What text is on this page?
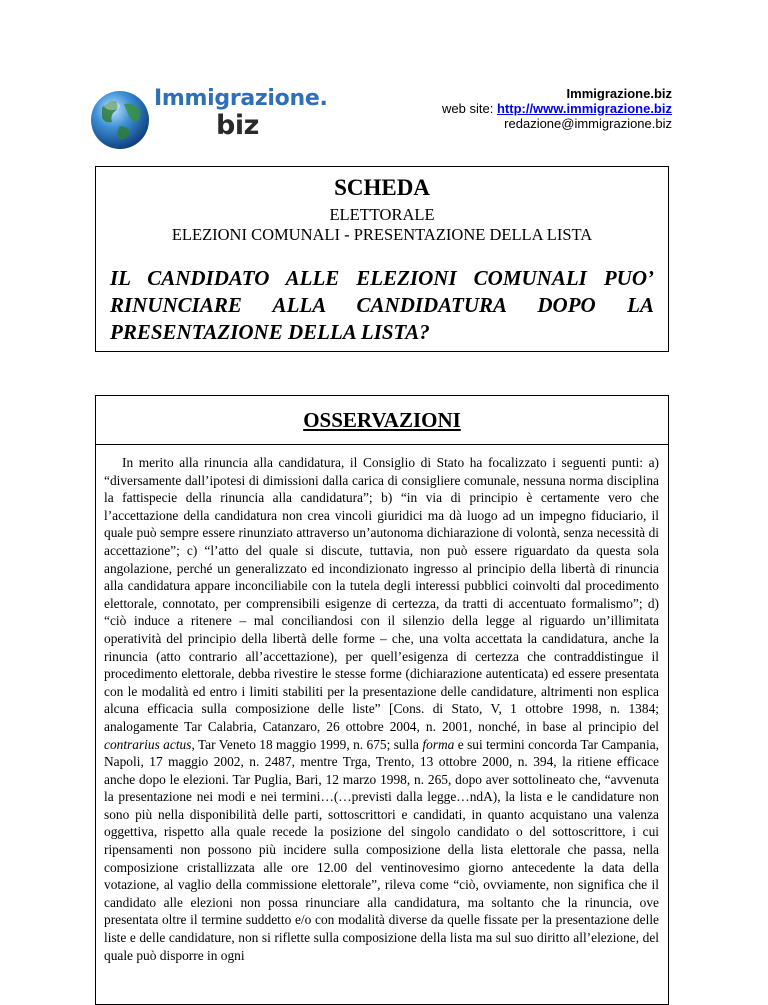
Immigrazione.
biz
Immigrazione.biz
web site: http://www.immigrazione.biz
redazione@immigrazione.biz
SCHEDA
ELETTORALE
ELEZIONI COMUNALI - PRESENTAZIONE DELLA LISTA
IL CANDIDATO ALLE ELEZIONI COMUNALI PUO’ RINUNCIARE ALLA CANDIDATURA DOPO LA PRESENTAZIONE DELLA LISTA?
OSSERVAZIONI

In merito alla rinuncia alla candidatura, il Consiglio di Stato ha focalizzato i seguenti punti: a) “diversamente dall’ipotesi di dimissioni dalla carica di consigliere comunale, nessuna norma disciplina la fattispecie della rinuncia alla candidatura”; b) “in via di principio è certamente vero che l’accettazione della candidatura non crea vincoli giuridici ma dà luogo ad un impegno fiduciario, il quale può sempre essere rinunziato attraverso un’autonoma dichiarazione di volontà, senza necessità di accettazione”; c) “l’atto del quale si discute, tuttavia, non può essere riguardato da questa sola angolazione, perché un generalizzato ed incondizionato ingresso al principio della libertà di rinuncia alla candidatura appare inconciliabile con la tutela degli interessi pubblici coinvolti dal procedimento elettorale, connotato, per comprensibili esigenze di certezza, da tratti di accentuato formalismo”; d) “ciò induce a ritenere – mal conciliandosi con il silenzio della legge al riguardo un’illimitata operatività del principio della libertà delle forme – che, una volta accettata la candidatura, anche la rinuncia (atto contrario all’accettazione), per quell’esigenza di certezza che contraddistingue il procedimento elettorale, debba rivestire le stesse forme (dichiarazione autenticata) ed essere presentata con le modalità ed entro i limiti stabiliti per la presentazione delle candidature, altrimenti non esplica alcuna efficacia sulla composizione delle liste” [Cons. di Stato, V, 1 ottobre 1998, n. 1384; analogamente Tar Calabria, Catanzaro, 26 ottobre 2004, n. 2001, nonché, in base al principio del contrarius actus, Tar Veneto 18 maggio 1999, n. 675; sulla forma e sui termini concorda Tar Campania, Napoli, 17 maggio 2002, n. 2487, mentre Trga, Trento, 13 ottobre 2000, n. 394, la ritiene efficace anche dopo le elezioni. Tar Puglia, Bari, 12 marzo 1998, n. 265, dopo aver sottolineato che, “avvenuta la presentazione nei modi e nei termini…(…previsti dalla legge…ndA), la lista e le candidature non sono più nella disponibilità delle parti, sottoscrittori e candidati, in quanto acquistano una valenza oggettiva, rispetto alla quale recede la posizione del singolo candidato o del sottoscrittore, i cui ripensamenti non possono più incidere sulla composizione della lista elettorale che passa, nella composizione cristallizzata alle ore 12.00 del ventinovesimo giorno antecedente la data della votazione, al vaglio della commissione elettorale”, rileva come “ciò, ovviamente, non significa che il candidato alle elezioni non possa rinunciare alla candidatura, ma soltanto che la rinuncia, ove presentata oltre il termine suddetto e/o con modalità diverse da quelle fissate per la presentazione delle liste e delle candidature, non si riflette sulla composizione della lista ma sul suo diritto all’elezione, del quale può disporre in ogni
